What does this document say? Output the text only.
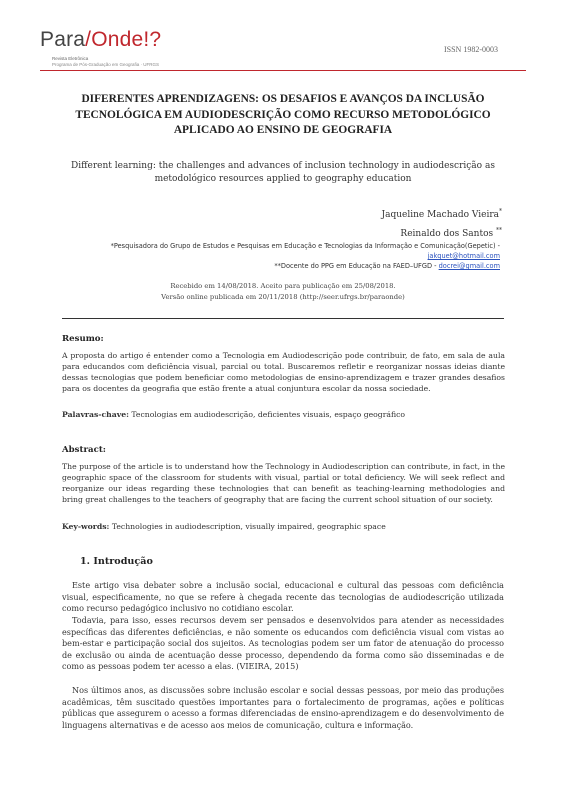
Para/Onde!?
Revista Eletrônica
Programa de Pós-Graduação em Geografia · UFRGS
ISSN 1982-0003
DIFERENTES APRENDIZAGENS: OS DESAFIOS E AVANÇOS DA INCLUSÃO
TECNOLÓGICA EM AUDIODESCRIÇÃO COMO RECURSO METODOLÓGICO
APLICADO AO ENSINO DE GEOGRAFIA
Different learning: the challenges and advances of inclusion technology in audiodescrição as
metodológico resources applied to geography education
Jaqueline Machado Vieira*
Reinaldo dos Santos **
*Pesquisadora do Grupo de Estudos e Pesquisas em Educação e Tecnologias da Informação e Comunicação(Gepetic) -
jakquet@hotmail.com
**Docente do PPG em Educação na FAED–UFGD - docrei@gmail.com
Recebido em 14/08/2018. Aceito para publicação em 25/08/2018.
Versão online publicada em 20/11/2018 (http://seer.ufrgs.br/paraonde)
Resumo:
A proposta do artigo é entender como a Tecnologia em Audiodescrição pode contribuir, de fato, em sala de aula para educandos com deficiência visual, parcial ou total. Buscaremos refletir e reorganizar nossas ideias diante dessas tecnologias que podem beneficiar como metodologias de ensino-aprendizagem e trazer grandes desafios para os docentes da geografia que estão frente a atual conjuntura escolar da nossa sociedade.
Palavras-chave: Tecnologias em audiodescrição, deficientes visuais, espaço geográfico
Abstract:
The purpose of the article is to understand how the Technology in Audiodescription can contribute, in fact, in the geographic space of the classroom for students with visual, partial or total deficiency. We will seek reflect and reorganize our ideas regarding these technologies that can benefit as teaching-learning methodologies and bring great challenges to the teachers of geography that are facing the current school situation of our society.
Key-words: Technologies in audiodescription, visually impaired, geographic space
1. Introdução
Este artigo visa debater sobre a inclusão social, educacional e cultural das pessoas com deficiência visual, especificamente, no que se refere à chegada recente das tecnologias de audiodescrição utilizada como recurso pedagógico inclusivo no cotidiano escolar.
Todavia, para isso, esses recursos devem ser pensados e desenvolvidos para atender as necessidades específicas das diferentes deficiências, e não somente os educandos com deficiência visual com vistas ao bem-estar e participação social dos sujeitos. As tecnologias podem ser um fator de atenuação do processo de exclusão ou ainda de acentuação desse processo, dependendo da forma como são disseminadas e de como as pessoas podem ter acesso a elas. (VIEIRA, 2015)
Nos últimos anos, as discussões sobre inclusão escolar e social dessas pessoas, por meio das produções acadêmicas, têm suscitado questões importantes para o fortalecimento de programas, ações e políticas públicas que assegurem o acesso a formas diferenciadas de ensino-aprendizagem e do desenvolvimento de linguagens alternativas e de acesso aos meios de comunicação, cultura e informação.
